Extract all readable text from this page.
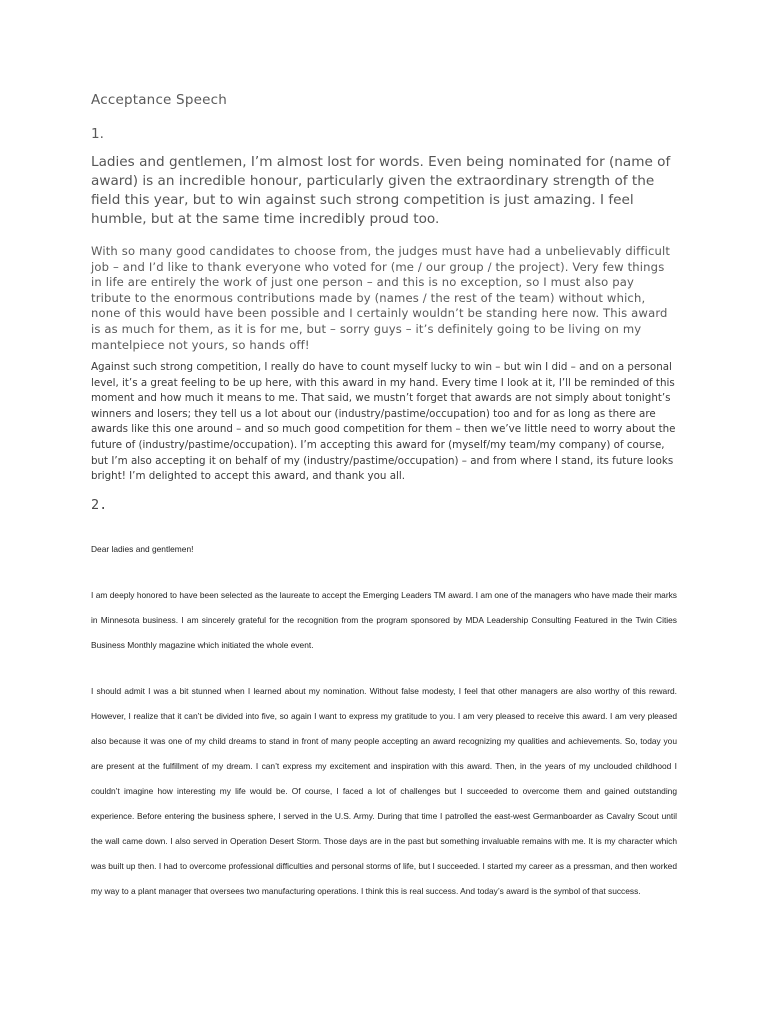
Acceptance Speech
1.

Ladies and gentlemen, I’m almost lost for words. Even being nominated for (name of award) is an incredible honour, particularly given the extraordinary strength of the field this year, but to win against such strong competition is just amazing. I feel humble, but at the same time incredibly proud too.

With so many good candidates to choose from, the judges must have had a unbelievably difficult job – and I’d like to thank everyone who voted for (me / our group / the project). Very few things in life are entirely the work of just one person – and this is no exception, so I must also pay tribute to the enormous contributions made by (names / the rest of the team) without which, none of this would have been possible and I certainly wouldn’t be standing here now. This award is as much for them, as it is for me, but – sorry guys – it’s definitely going to be living on my mantelpiece not yours, so hands off!

Against such strong competition, I really do have to count myself lucky to win – but win I did – and on a personal level, it’s a great feeling to be up here, with this award in my hand. Every time I look at it, I’ll be reminded of this moment and how much it means to me. That said, we mustn’t forget that awards are not simply about tonight’s winners and losers; they tell us a lot about our (industry/pastime/occupation) too and for as long as there are awards like this one around – and so much good competition for them – then we’ve little need to worry about the future of (industry/pastime/occupation). I’m accepting this award for (myself/my team/my company) of course, but I’m also accepting it on behalf of my (industry/pastime/occupation) – and from where I stand, its future looks bright! I’m delighted to accept this award, and thank you all.

2.
Dear ladies and gentlemen!

I am deeply honored to have been selected as the laureate to accept the Emerging Leaders TM award. I am one of the managers who have made their marks in Minnesota business. I am sincerely grateful for the recognition from the program sponsored by MDA Leadership Consulting Featured in the Twin Cities Business Monthly magazine which initiated the whole event.

I should admit I was a bit stunned when I learned about my nomination. Without false modesty, I feel that other managers are also worthy of this reward. However, I realize that it can’t be divided into five, so again I want to express my gratitude to you. I am very pleased to receive this award. I am very pleased also because it was one of my child dreams to stand in front of many people accepting an award recognizing my qualities and achievements. So, today you are present at the fulfillment of my dream. I can’t express my excitement and inspiration with this award. Then, in the years of my unclouded childhood I couldn’t imagine how interesting my life would be. Of course, I faced a lot of challenges but I succeeded to overcome them and gained outstanding experience. Before entering the business sphere, I served in the U.S. Army. During that time I patrolled the east-west Germanboarder as Cavalry Scout until the wall came down. I also served in Operation Desert Storm. Those days are in the past but something invaluable remains with me. It is my character which was built up then. I had to overcome professional difficulties and personal storms of life, but I succeeded. I started my career as a pressman, and then worked my way to a plant manager that oversees two manufacturing operations. I think this is real success. And today’s award is the symbol of that success.
